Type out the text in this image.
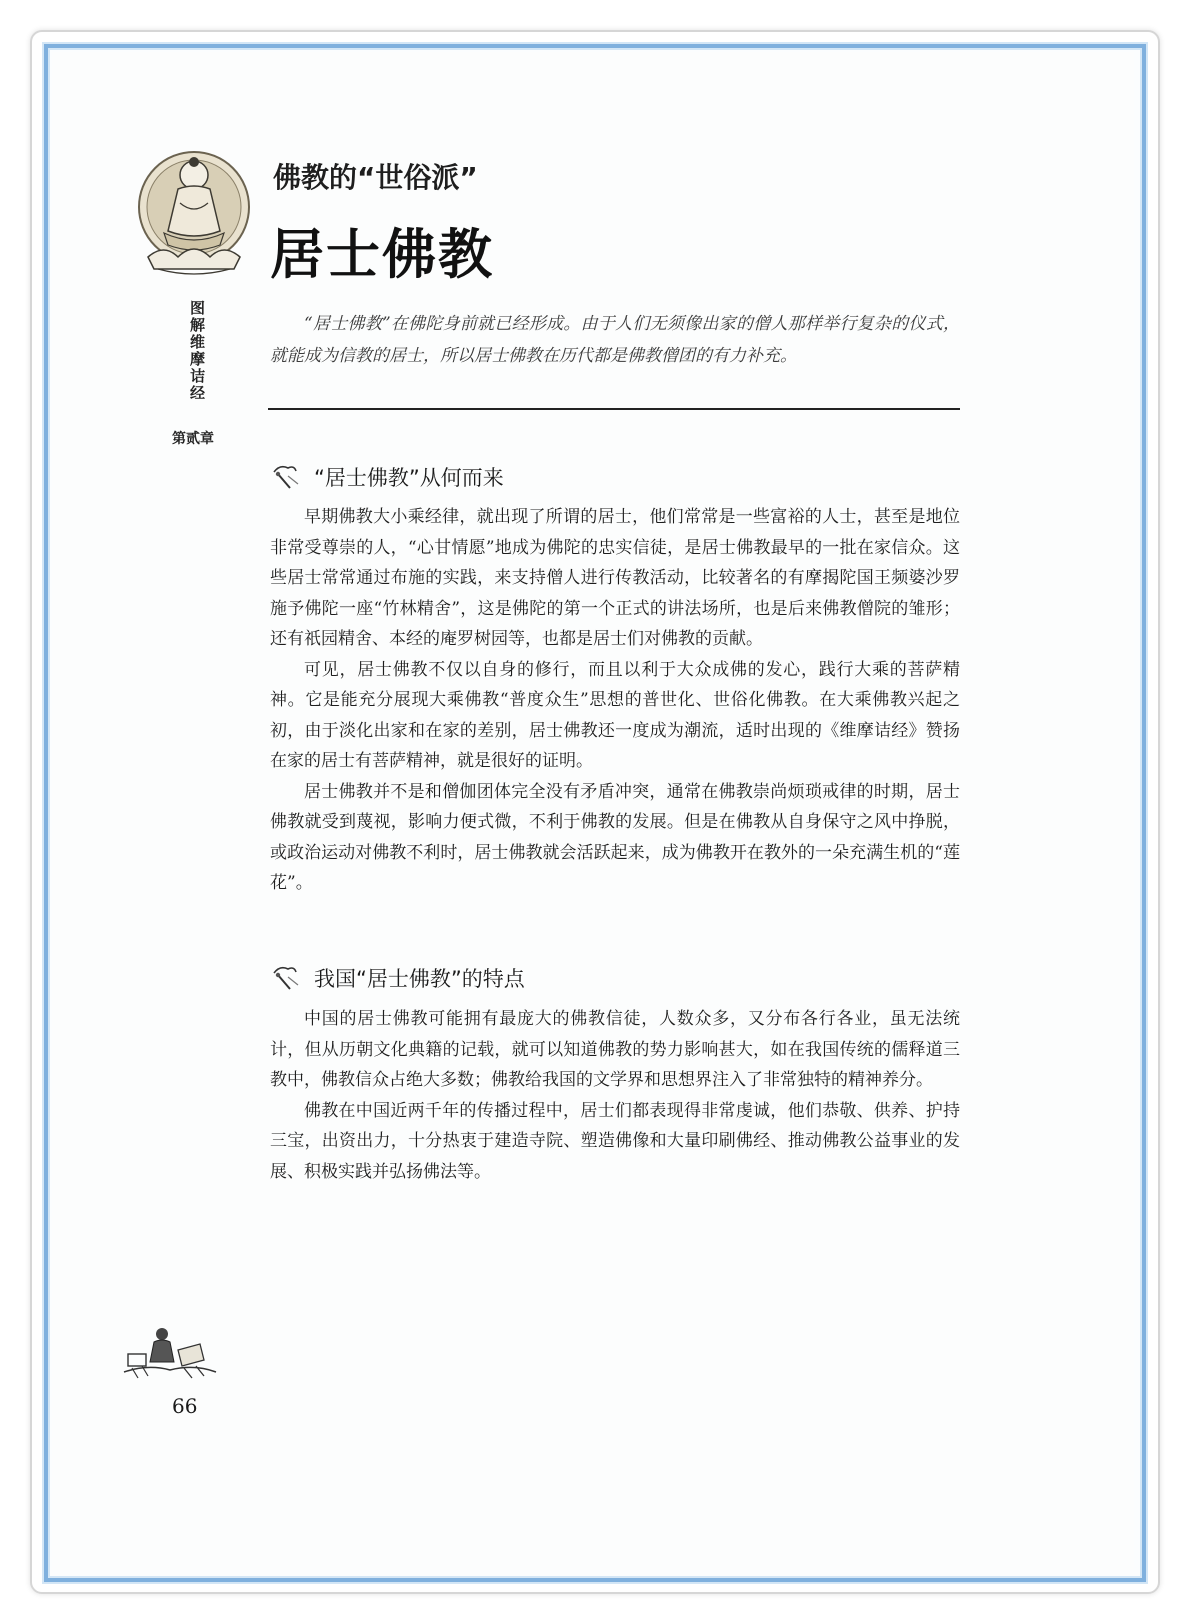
图解维摩诘经
第贰章
佛教的“世俗派”
居士佛教
“居士佛教”在佛陀身前就已经形成。由于人们无须像出家的僧人那样举行复杂的仪式，就能成为信教的居士，所以居士佛教在历代都是佛教僧团的有力补充。
“居士佛教”从何而来

早期佛教大小乘经律，就出现了所谓的居士，他们常常是一些富裕的人士，甚至是地位非常受尊崇的人，“心甘情愿”地成为佛陀的忠实信徒，是居士佛教最早的一批在家信众。这些居士常常通过布施的实践，来支持僧人进行传教活动，比较著名的有摩揭陀国王频婆沙罗施予佛陀一座“竹林精舍”，这是佛陀的第一个正式的讲法场所，也是后来佛教僧院的雏形；还有祇园精舍、本经的庵罗树园等，也都是居士们对佛教的贡献。

可见，居士佛教不仅以自身的修行，而且以利于大众成佛的发心，践行大乘的菩萨精神。它是能充分展现大乘佛教“普度众生”思想的普世化、世俗化佛教。在大乘佛教兴起之初，由于淡化出家和在家的差别，居士佛教还一度成为潮流，适时出现的《维摩诘经》赞扬在家的居士有菩萨精神，就是很好的证明。

居士佛教并不是和僧伽团体完全没有矛盾冲突，通常在佛教崇尚烦琐戒律的时期，居士佛教就受到蔑视，影响力便式微，不利于佛教的发展。但是在佛教从自身保守之风中挣脱，或政治运动对佛教不利时，居士佛教就会活跃起来，成为佛教开在教外的一朵充满生机的“莲花”。

我国“居士佛教”的特点

中国的居士佛教可能拥有最庞大的佛教信徒，人数众多，又分布各行各业，虽无法统计，但从历朝文化典籍的记载，就可以知道佛教的势力影响甚大，如在我国传统的儒释道三教中，佛教信众占绝大多数；佛教给我国的文学界和思想界注入了非常独特的精神养分。

佛教在中国近两千年的传播过程中，居士们都表现得非常虔诚，他们恭敬、供养、护持三宝，出资出力，十分热衷于建造寺院、塑造佛像和大量印刷佛经、推动佛教公益事业的发展、积极实践并弘扬佛法等。

66
